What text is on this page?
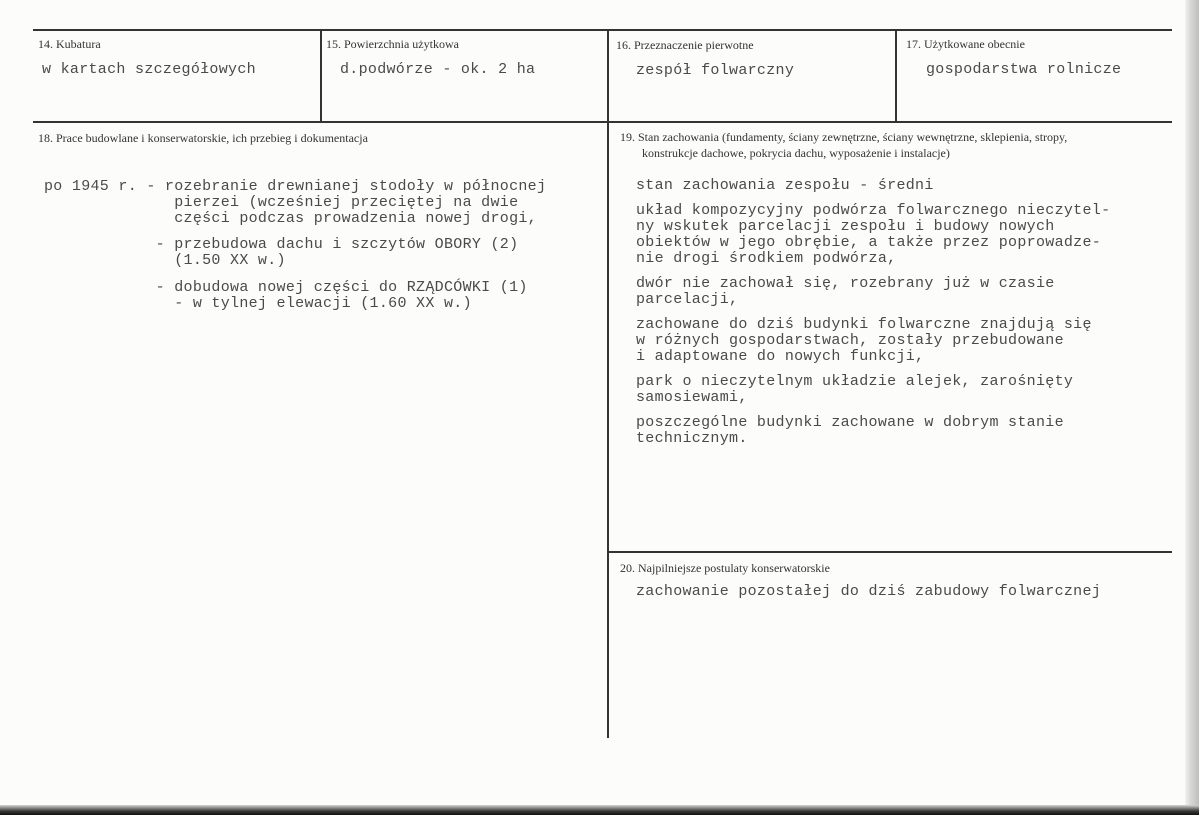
14. Kubatura
w kartach szczegółowych
15. Powierzchnia użytkowa
d.podwórze - ok. 2 ha
16. Przeznaczenie pierwotne
zespół folwarczny
17. Użytkowane obecnie
gospodarstwa rolnicze
18. Prace budowlane i konserwatorskie, ich przebieg i dokumentacja
po 1945 r. - rozebranie drewnianej stodoły w północnej
pierzei (wcześniej przeciętej na dwie
części podczas prowadzenia nowej drogi,
- przebudowa dachu i szczytów OBORY (2)
(1.50 XX w.)
- dobudowa nowej części do RZĄDCÓWKI (1)
- w tylnej elewacji (1.60 XX w.)
19. Stan zachowania (fundamenty, ściany zewnętrzne, ściany wewnętrzne, sklepienia, stropy,
konstrukcje dachowe, pokrycia dachu, wyposażenie i instalacje)

stan zachowania zespołu - średni

układ kompozycyjny podwórza folwarcznego nieczytel-
ny wskutek parcelacji zespołu i budowy nowych
obiektów w jego obrębie, a także przez poprowadze-
nie drogi środkiem podwórza,

dwór nie zachował się, rozebrany już w czasie
parcelacji,

zachowane do dziś budynki folwarczne znajdują się
w różnych gospodarstwach, zostały przebudowane
i adaptowane do nowych funkcji,

park o nieczytelnym układzie alejek, zarośnięty
samosiewami,

poszczególne budynki zachowane w dobrym stanie
technicznym.

20. Najpilniejsze postulaty konserwatorskie
zachowanie pozostałej do dziś zabudowy folwarcznej
